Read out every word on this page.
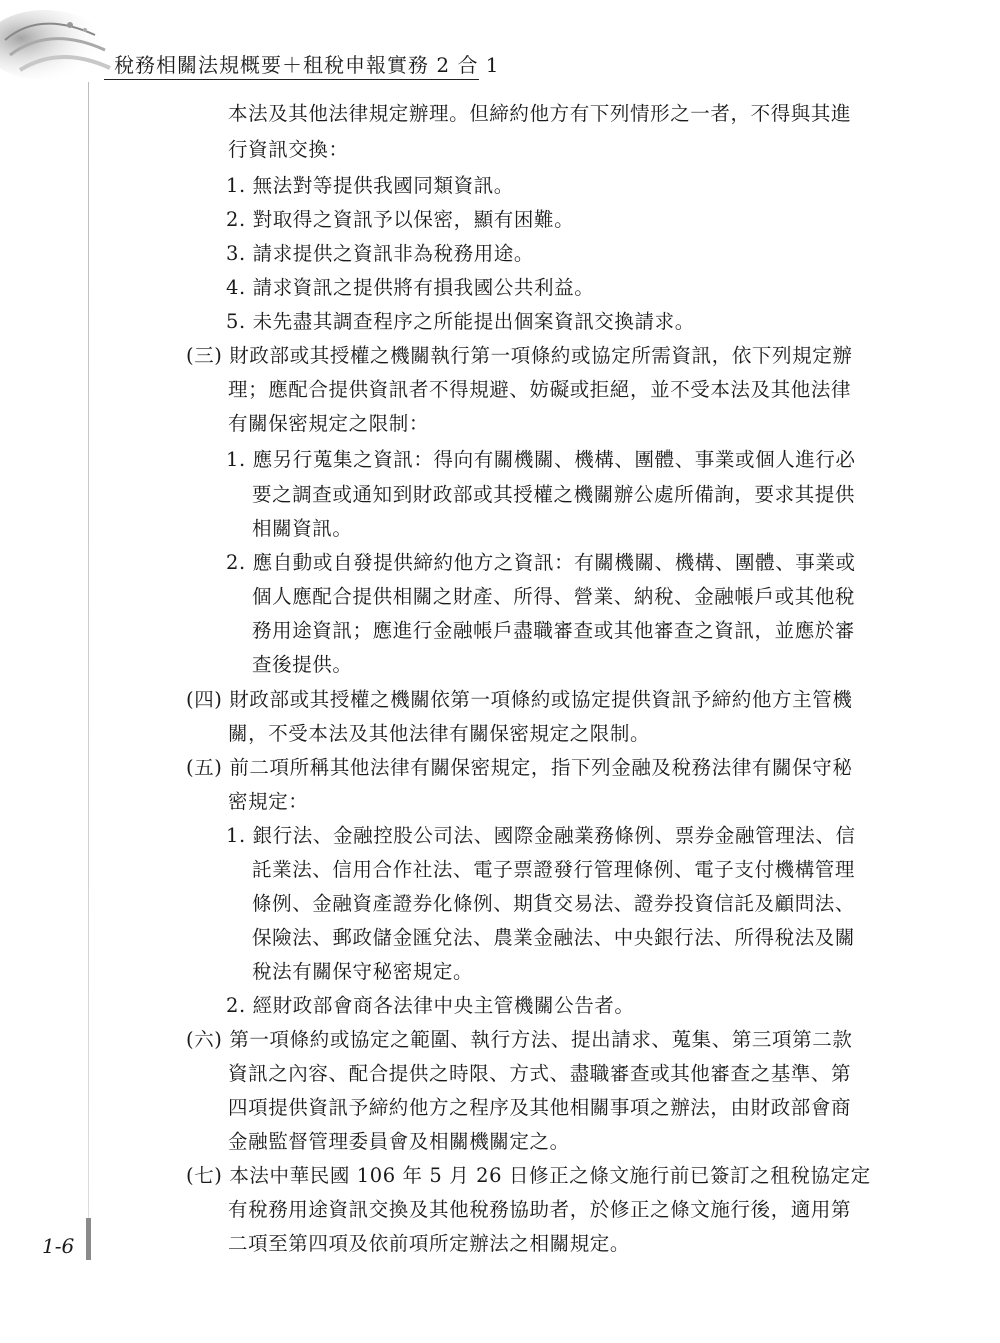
稅務相關法規概要＋租稅申報實務 2 合 1
1-6
本法及其他法律規定辦理。但締約他方有下列情形之一者，不得與其進
行資訊交換：
1. 無法對等提供我國同類資訊。
2. 對取得之資訊予以保密，顯有困難。
3. 請求提供之資訊非為稅務用途。
4. 請求資訊之提供將有損我國公共利益。
5. 未先盡其調查程序之所能提出個案資訊交換請求。
(三) 財政部或其授權之機關執行第一項條約或協定所需資訊，依下列規定辦
理；應配合提供資訊者不得規避、妨礙或拒絕，並不受本法及其他法律
有關保密規定之限制：
1. 應另行蒐集之資訊：得向有關機關、機構、團體、事業或個人進行必
要之調查或通知到財政部或其授權之機關辦公處所備詢，要求其提供
相關資訊。
2. 應自動或自發提供締約他方之資訊：有關機關、機構、團體、事業或
個人應配合提供相關之財產、所得、營業、納稅、金融帳戶或其他稅
務用途資訊；應進行金融帳戶盡職審查或其他審查之資訊，並應於審
查後提供。
(四) 財政部或其授權之機關依第一項條約或協定提供資訊予締約他方主管機
關，不受本法及其他法律有關保密規定之限制。
(五) 前二項所稱其他法律有關保密規定，指下列金融及稅務法律有關保守秘
密規定：
1. 銀行法、金融控股公司法、國際金融業務條例、票券金融管理法、信
託業法、信用合作社法、電子票證發行管理條例、電子支付機構管理
條例、金融資產證券化條例、期貨交易法、證券投資信託及顧問法、
保險法、郵政儲金匯兌法、農業金融法、中央銀行法、所得稅法及關
稅法有關保守秘密規定。
2. 經財政部會商各法律中央主管機關公告者。
(六) 第一項條約或協定之範圍、執行方法、提出請求、蒐集、第三項第二款
資訊之內容、配合提供之時限、方式、盡職審查或其他審查之基準、第
四項提供資訊予締約他方之程序及其他相關事項之辦法，由財政部會商
金融監督管理委員會及相關機關定之。
(七) 本法中華民國 106 年 5 月 26 日修正之條文施行前已簽訂之租稅協定定
有稅務用途資訊交換及其他稅務協助者，於修正之條文施行後，適用第
二項至第四項及依前項所定辦法之相關規定。
